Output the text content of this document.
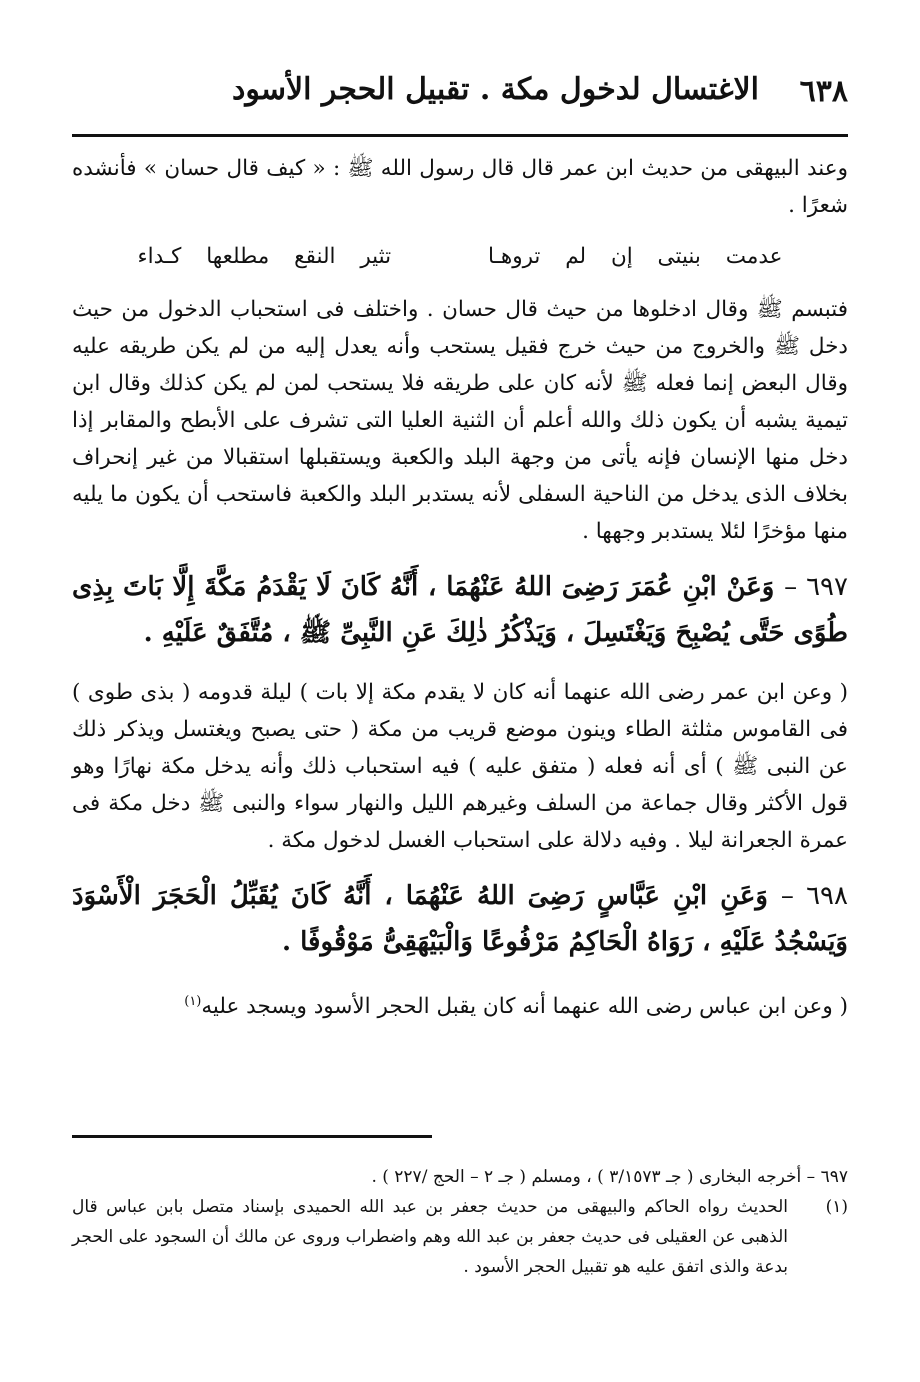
٦٣٨
الاغتسال لدخول مكة . تقبيل الحجر الأسود

وعند البيهقى من حديث ابن عمر قال قال رسول الله ﷺ : « كيف قال حسان » فأنشده شعرًا .

عدمت بنيتى إن لم تروهـا تثير النقع مطلعها كـداء

فتبسم ﷺ وقال ادخلوها من حيث قال حسان . واختلف فى استحباب الدخول من حيث دخل ﷺ والخروج من حيث خرج فقيل يستحب وأنه يعدل إليه من لم يكن طريقه عليه وقال البعض إنما فعله ﷺ لأنه كان على طريقه فلا يستحب لمن لم يكن كذلك وقال ابن تيمية يشبه أن يكون ذلك والله أعلم أن الثنية العليا التى تشرف على الأبطح والمقابر إذا دخل منها الإنسان فإنه يأتى من وجهة البلد والكعبة ويستقبلها استقبالا من غير إنحراف بخلاف الذى يدخل من الناحية السفلى لأنه يستدبر البلد والكعبة فاستحب أن يكون ما يليه منها مؤخرًا لئلا يستدبر وجهها .

٦٩٧ – وَعَنْ ابْنِ عُمَرَ رَضِىَ اللهُ عَنْهُمَا ، أَنَّهُ كَانَ لَا يَقْدَمُ مَكَّةَ إِلَّا بَاتَ بِذِى طُوًى حَتَّى يُصْبِحَ وَيَغْتَسِلَ ، وَيَذْكُرُ ذٰلِكَ عَنِ النَّبِىِّ ﷺ ، مُتَّفَقٌ عَلَيْهِ .

( وعن ابن عمر رضى الله عنهما أنه كان لا يقدم مكة إلا بات ) ليلة قدومه ( بذى طوى ) فى القاموس مثلثة الطاء وينون موضع قريب من مكة ( حتى يصبح ويغتسل ويذكر ذلك عن النبى ﷺ ) أى أنه فعله ( متفق عليه ) فيه استحباب ذلك وأنه يدخل مكة نهارًا وهو قول الأكثر وقال جماعة من السلف وغيرهم الليل والنهار سواء والنبى ﷺ دخل مكة فى عمرة الجعرانة ليلا . وفيه دلالة على استحباب الغسل لدخول مكة .

٦٩٨ – وَعَنِ ابْنِ عَبَّاسٍ رَضِىَ اللهُ عَنْهُمَا ، أَنَّهُ كَانَ يُقَبِّلُ الْحَجَرَ الْأَسْوَدَ وَيَسْجُدُ عَلَيْهِ ، رَوَاهُ الْحَاكِمُ مَرْفُوعًا وَالْبَيْهَقِىُّ مَوْقُوفًا .

( وعن ابن عباس رضى الله عنهما أنه كان يقبل الحجر الأسود ويسجد عليه$^{(١)}$

٦٩٧ – أخرجه البخارى ( جـ ٣/١٥٧٣ ) ، ومسلم ( جـ ٢ – الحج /٢٢٧ ) .

(١)
الحديث رواه الحاكم والبيهقى من حديث جعفر بن عبد الله الحميدى بإسناد متصل بابن عباس قال الذهبى عن العقيلى فى حديث جعفر بن عبد الله وهم واضطراب وروى عن مالك أن السجود على الحجر بدعة والذى اتفق عليه هو تقبيل الحجر الأسود .
